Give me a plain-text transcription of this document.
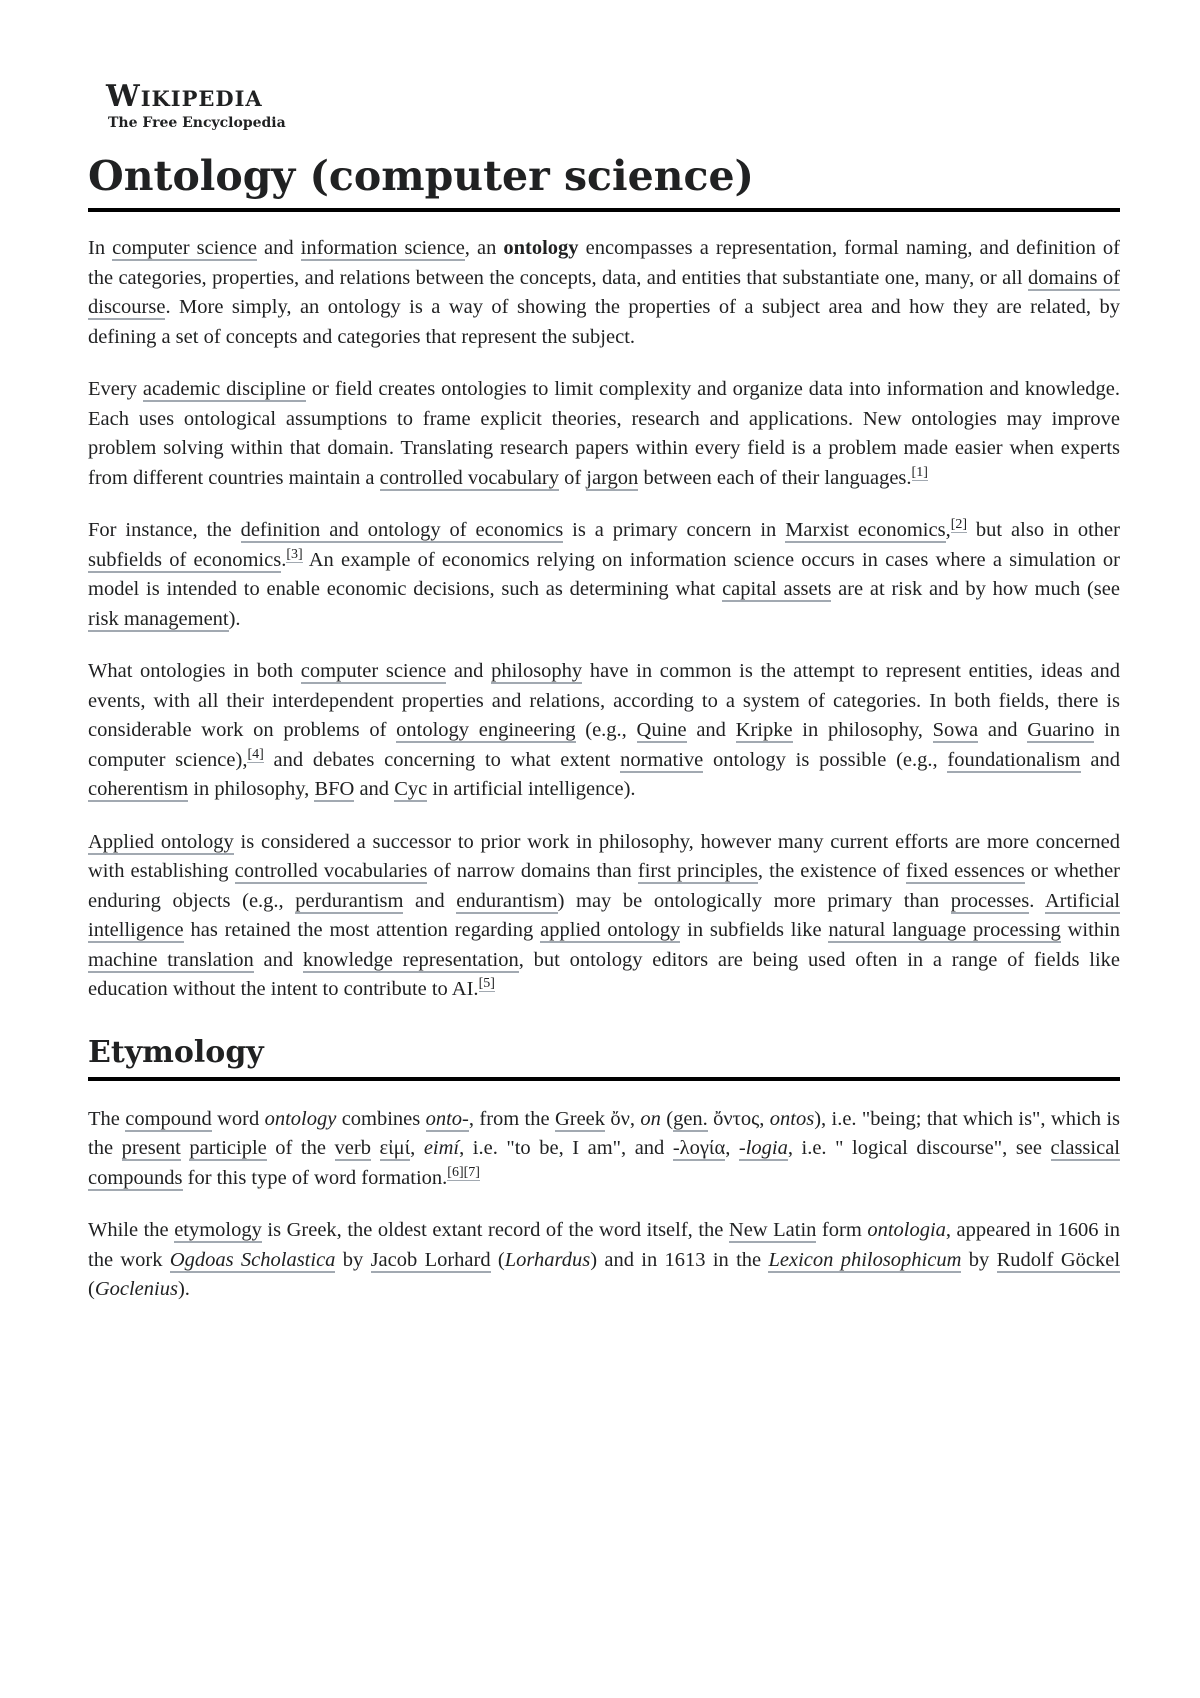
Wikipedia
The Free Encyclopedia
Ontology (computer science)

In computer science and information science, an ontology encompasses a representation, formal naming, and definition of the categories, properties, and relations between the concepts, data, and entities that substantiate one, many, or all domains of discourse. More simply, an ontology is a way of showing the properties of a subject area and how they are related, by defining a set of concepts and categories that represent the subject.

Every academic discipline or field creates ontologies to limit complexity and organize data into information and knowledge. Each uses ontological assumptions to frame explicit theories, research and applications. New ontologies may improve problem solving within that domain. Translating research papers within every field is a problem made easier when experts from different countries maintain a controlled vocabulary of jargon between each of their languages.[1]

For instance, the definition and ontology of economics is a primary concern in Marxist economics,[2] but also in other subfields of economics.[3] An example of economics relying on information science occurs in cases where a simulation or model is intended to enable economic decisions, such as determining what capital assets are at risk and by how much (see risk management).

What ontologies in both computer science and philosophy have in common is the attempt to represent entities, ideas and events, with all their interdependent properties and relations, according to a system of categories. In both fields, there is considerable work on problems of ontology engineering (e.g., Quine and Kripke in philosophy, Sowa and Guarino in computer science),[4] and debates concerning to what extent normative ontology is possible (e.g., foundationalism and coherentism in philosophy, BFO and Cyc in artificial intelligence).

Applied ontology is considered a successor to prior work in philosophy, however many current efforts are more concerned with establishing controlled vocabularies of narrow domains than first principles, the existence of fixed essences or whether enduring objects (e.g., perdurantism and endurantism) may be ontologically more primary than processes. Artificial intelligence has retained the most attention regarding applied ontology in subfields like natural language processing within machine translation and knowledge representation, but ontology editors are being used often in a range of fields like education without the intent to contribute to AI.[5]

Etymology

The compound word ontology combines onto-, from the Greek ὄν, on (gen. ὄντος, ontos), i.e. "being; that which is", which is the present participle of the verb εἰμί, eimí, i.e. "to be, I am", and -λογία, -logia, i.e. " logical discourse", see classical compounds for this type of word formation.[6][7]

While the etymology is Greek, the oldest extant record of the word itself, the New Latin form ontologia, appeared in 1606 in the work Ogdoas Scholastica by Jacob Lorhard (Lorhardus) and in 1613 in the Lexicon philosophicum by Rudolf Göckel (Goclenius).
